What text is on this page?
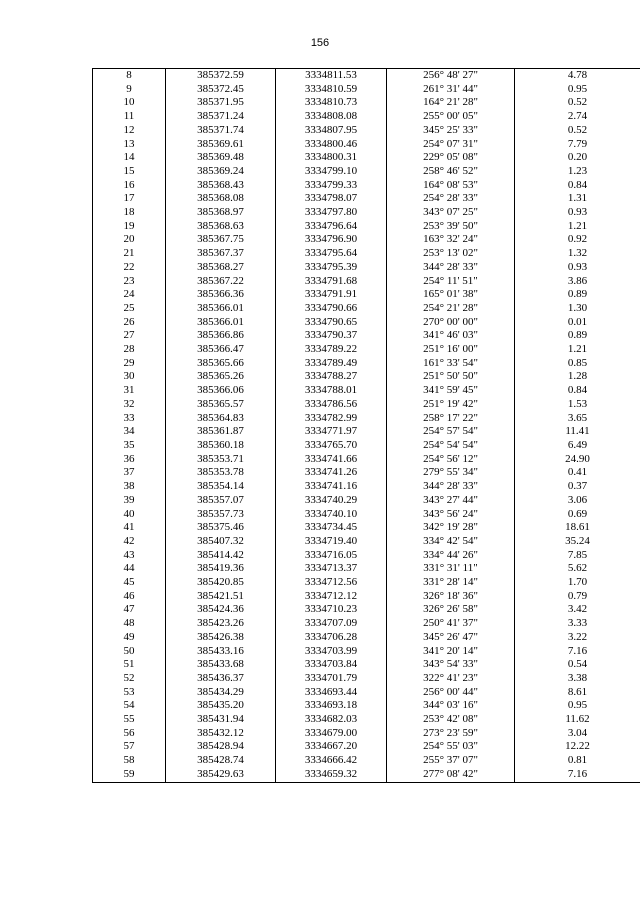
156
8	385372.59	3334811.53	256° 48' 27"	4.78
9	385372.45	3334810.59	261° 31' 44"	0.95
10	385371.95	3334810.73	164° 21' 28"	0.52
11	385371.24	3334808.08	255° 00' 05"	2.74
12	385371.74	3334807.95	345° 25' 33"	0.52
13	385369.61	3334800.46	254° 07' 31"	7.79
14	385369.48	3334800.31	229° 05' 08"	0.20
15	385369.24	3334799.10	258° 46' 52"	1.23
16	385368.43	3334799.33	164° 08' 53"	0.84
17	385368.08	3334798.07	254° 28' 33"	1.31
18	385368.97	3334797.80	343° 07' 25"	0.93
19	385368.63	3334796.64	253° 39' 50"	1.21
20	385367.75	3334796.90	163° 32' 24"	0.92
21	385367.37	3334795.64	253° 13' 02"	1.32
22	385368.27	3334795.39	344° 28' 33"	0.93
23	385367.22	3334791.68	254° 11' 51"	3.86
24	385366.36	3334791.91	165° 01' 38"	0.89
25	385366.01	3334790.66	254° 21' 28"	1.30
26	385366.01	3334790.65	270° 00' 00"	0.01
27	385366.86	3334790.37	341° 46' 03"	0.89
28	385366.47	3334789.22	251° 16' 00"	1.21
29	385365.66	3334789.49	161° 33' 54"	0.85
30	385365.26	3334788.27	251° 50' 50"	1.28
31	385366.06	3334788.01	341° 59' 45"	0.84
32	385365.57	3334786.56	251° 19' 42"	1.53
33	385364.83	3334782.99	258° 17' 22"	3.65
34	385361.87	3334771.97	254° 57' 54"	11.41
35	385360.18	3334765.70	254° 54' 54"	6.49
36	385353.71	3334741.66	254° 56' 12"	24.90
37	385353.78	3334741.26	279° 55' 34"	0.41
38	385354.14	3334741.16	344° 28' 33"	0.37
39	385357.07	3334740.29	343° 27' 44"	3.06
40	385357.73	3334740.10	343° 56' 24"	0.69
41	385375.46	3334734.45	342° 19' 28"	18.61
42	385407.32	3334719.40	334° 42' 54"	35.24
43	385414.42	3334716.05	334° 44' 26"	7.85
44	385419.36	3334713.37	331° 31' 11"	5.62
45	385420.85	3334712.56	331° 28' 14"	1.70
46	385421.51	3334712.12	326° 18' 36"	0.79
47	385424.36	3334710.23	326° 26' 58"	3.42
48	385423.26	3334707.09	250° 41' 37"	3.33
49	385426.38	3334706.28	345° 26' 47"	3.22
50	385433.16	3334703.99	341° 20' 14"	7.16
51	385433.68	3334703.84	343° 54' 33"	0.54
52	385436.37	3334701.79	322° 41' 23"	3.38
53	385434.29	3334693.44	256° 00' 44"	8.61
54	385435.20	3334693.18	344° 03' 16"	0.95
55	385431.94	3334682.03	253° 42' 08"	11.62
56	385432.12	3334679.00	273° 23' 59"	3.04
57	385428.94	3334667.20	254° 55' 03"	12.22
58	385428.74	3334666.42	255° 37' 07"	0.81
59	385429.63	3334659.32	277° 08' 42"	7.16
